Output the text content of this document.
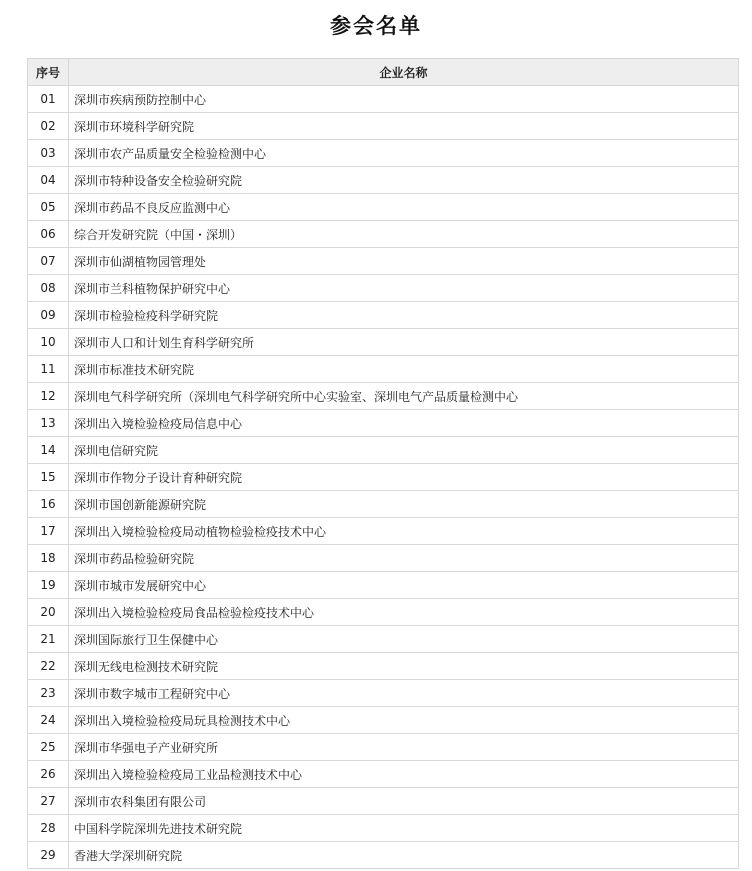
参会名单
序号	企业名称
01	深圳市疾病预防控制中心
02	深圳市环境科学研究院
03	深圳市农产品质量安全检验检测中心
04	深圳市特种设备安全检验研究院
05	深圳市药品不良反应监测中心
06	综合开发研究院（中国・深圳）
07	深圳市仙湖植物园管理处
08	深圳市兰科植物保护研究中心
09	深圳市检验检疫科学研究院
10	深圳市人口和计划生育科学研究所
11	深圳市标准技术研究院
12	深圳电气科学研究所（深圳电气科学研究所中心实验室、深圳电气产品质量检测中心
13	深圳出入境检验检疫局信息中心
14	深圳电信研究院
15	深圳市作物分子设计育种研究院
16	深圳市国创新能源研究院
17	深圳出入境检验检疫局动植物检验检疫技术中心
18	深圳市药品检验研究院
19	深圳市城市发展研究中心
20	深圳出入境检验检疫局食品检验检疫技术中心
21	深圳国际旅行卫生保健中心
22	深圳无线电检测技术研究院
23	深圳市数字城市工程研究中心
24	深圳出入境检验检疫局玩具检测技术中心
25	深圳市华强电子产业研究所
26	深圳出入境检验检疫局工业品检测技术中心
27	深圳市农科集团有限公司
28	中国科学院深圳先进技术研究院
29	香港大学深圳研究院
